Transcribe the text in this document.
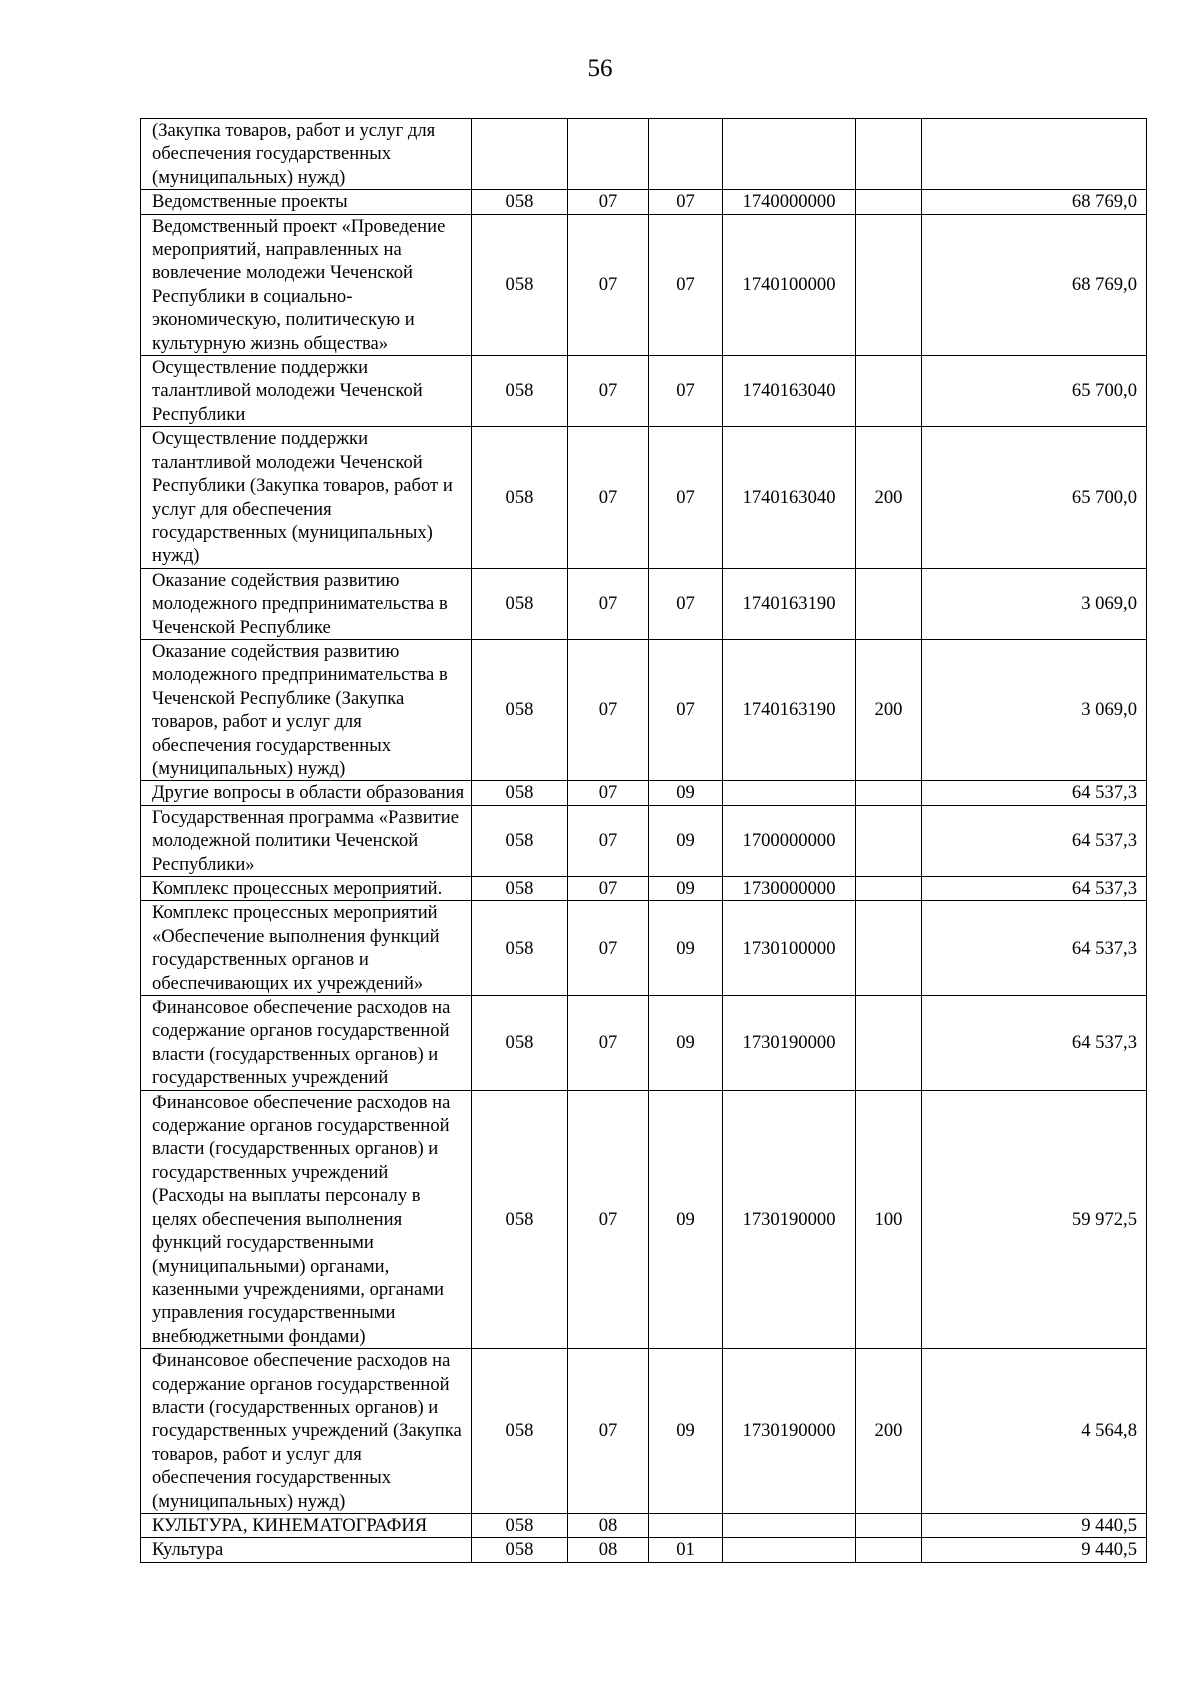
56
(Закупка товаров, работ и услуг для обеспечения государственных (муниципальных) нужд)						
Ведомственные проекты	058	07	07	1740000000		68 769,0
Ведомственный проект «Проведение мероприятий, направленных на вовлечение молодежи Чеченской Республики в социально-экономическую, политическую и культурную жизнь общества»	058	07	07	1740100000		68 769,0
Осуществление поддержки талантливой молодежи Чеченской Республики	058	07	07	1740163040		65 700,0
Осуществление поддержки талантливой молодежи Чеченской Республики (Закупка товаров, работ и услуг для обеспечения государственных (муниципальных) нужд)	058	07	07	1740163040	200	65 700,0
Оказание содействия развитию молодежного предпринимательства в Чеченской Республике	058	07	07	1740163190		3 069,0
Оказание содействия развитию молодежного предпринимательства в Чеченской Республике (Закупка товаров, работ и услуг для обеспечения государственных (муниципальных) нужд)	058	07	07	1740163190	200	3 069,0
Другие вопросы в области образования	058	07	09			64 537,3
Государственная программа «Развитие молодежной политики Чеченской Республики»	058	07	09	1700000000		64 537,3
Комплекс процессных мероприятий.	058	07	09	1730000000		64 537,3
Комплекс процессных мероприятий «Обеспечение выполнения функций государственных органов и обеспечивающих их учреждений»	058	07	09	1730100000		64 537,3
Финансовое обеспечение расходов на содержание органов государственной власти (государственных органов) и государственных учреждений	058	07	09	1730190000		64 537,3
Финансовое обеспечение расходов на содержание органов государственной власти (государственных органов) и государственных учреждений (Расходы на выплаты персоналу в целях обеспечения выполнения функций государственными (муниципальными) органами, казенными учреждениями, органами управления государственными внебюджетными фондами)	058	07	09	1730190000	100	59 972,5
Финансовое обеспечение расходов на содержание органов государственной власти (государственных органов) и государственных учреждений (Закупка товаров, работ и услуг для обеспечения государственных (муниципальных) нужд)	058	07	09	1730190000	200	4 564,8
КУЛЬТУРА, КИНЕМАТОГРАФИЯ	058	08				9 440,5
Культура	058	08	01			9 440,5
